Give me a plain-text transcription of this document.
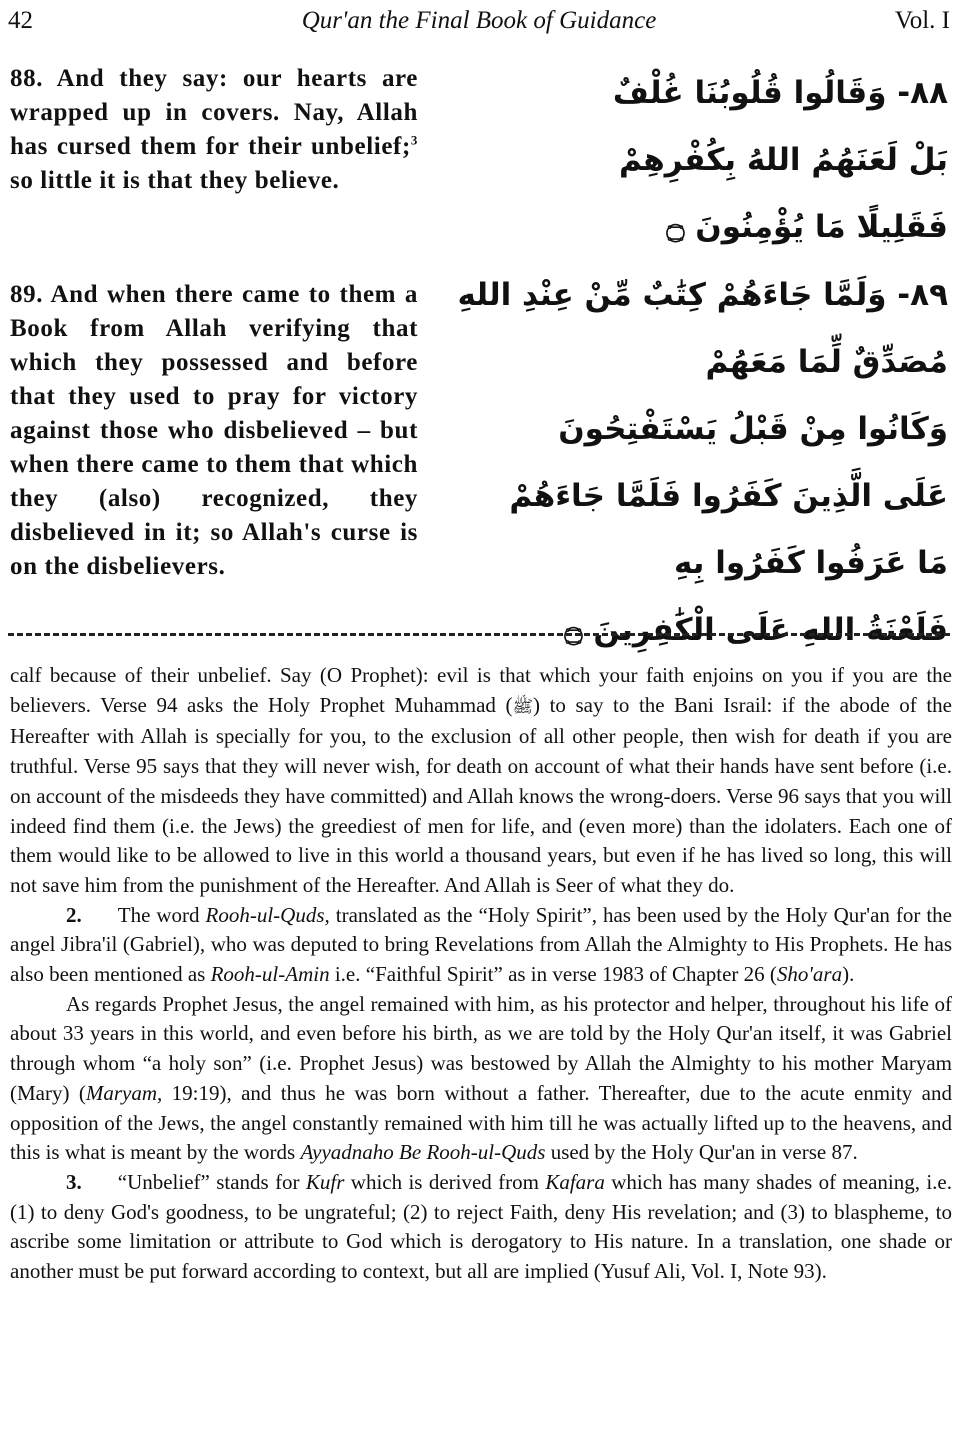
42	Qur'an the Final Book of Guidance	Vol. I
88. And they say: our hearts are wrapped up in covers. Nay, Allah has cursed them for their unbelief;$^3$ so little it is that they believe.
٨٨- وَقَالُوا قُلُوبُنَا غُلْفٌ
بَلْ لَعَنَهُمُ اللهُ بِكُفْرِهِمْ
فَقَلِيلًا مَا يُؤْمِنُونَ ۝
89. And when there came to them a Book from Allah verifying that which they possessed and before that they used to pray for victory against those who disbelieved – but when there came to them that which they (also) recognized, they disbelieved in it; so Allah's curse is on the disbelievers.
٨٩- وَلَمَّا جَاءَهُمْ كِتَٰبٌ مِّنْ عِنْدِ اللهِ
مُصَدِّقٌ لِّمَا مَعَهُمْ
وَكَانُوا مِنْ قَبْلُ يَسْتَفْتِحُونَ
عَلَى الَّذِينَ كَفَرُوا فَلَمَّا جَاءَهُمْ
مَا عَرَفُوا كَفَرُوا بِهِ
فَلَعْنَةُ اللهِ عَلَى الْكَٰفِرِينَ ۝

calf because of their unbelief. Say (O Prophet): evil is that which your faith enjoins on you if you are the believers. Verse 94 asks the Holy Prophet Muhammad (ﷺ) to say to the Bani Israil: if the abode of the Hereafter with Allah is specially for you, to the exclusion of all other people, then wish for death if you are truthful. Verse 95 says that they will never wish, for death on account of what their hands have sent before (i.e. on account of the misdeeds they have committed) and Allah knows the wrong-doers. Verse 96 says that you will indeed find them (i.e. the Jews) the greediest of men for life, and (even more) than the idolaters. Each one of them would like to be allowed to live in this world a thousand years, but even if he has lived so long, this will not save him from the punishment of the Hereafter. And Allah is Seer of what they do.

2. The word Rooh-ul-Quds, translated as the “Holy Spirit”, has been used by the Holy Qur'an for the angel Jibra'il (Gabriel), who was deputed to bring Revelations from Allah the Almighty to His Prophets. He has also been mentioned as Rooh-ul-Amin i.e. “Faithful Spirit” as in verse 1983 of Chapter 26 (Sho'ara).

As regards Prophet Jesus, the angel remained with him, as his protector and helper, throughout his life of about 33 years in this world, and even before his birth, as we are told by the Holy Qur'an itself, it was Gabriel through whom “a holy son” (i.e. Prophet Jesus) was bestowed by Allah the Almighty to his mother Maryam (Mary) (Maryam, 19:19), and thus he was born without a father. Thereafter, due to the acute enmity and opposition of the Jews, the angel constantly remained with him till he was actually lifted up to the heavens, and this is what is meant by the words Ayyadnaho Be Rooh-ul-Quds used by the Holy Qur'an in verse 87.

3. “Unbelief” stands for Kufr which is derived from Kafara which has many shades of meaning, i.e. (1) to deny God's goodness, to be ungrateful; (2) to reject Faith, deny His revelation; and (3) to blaspheme, to ascribe some limitation or attribute to God which is derogatory to His nature. In a translation, one shade or another must be put forward according to context, but all are implied (Yusuf Ali, Vol. I, Note 93).
